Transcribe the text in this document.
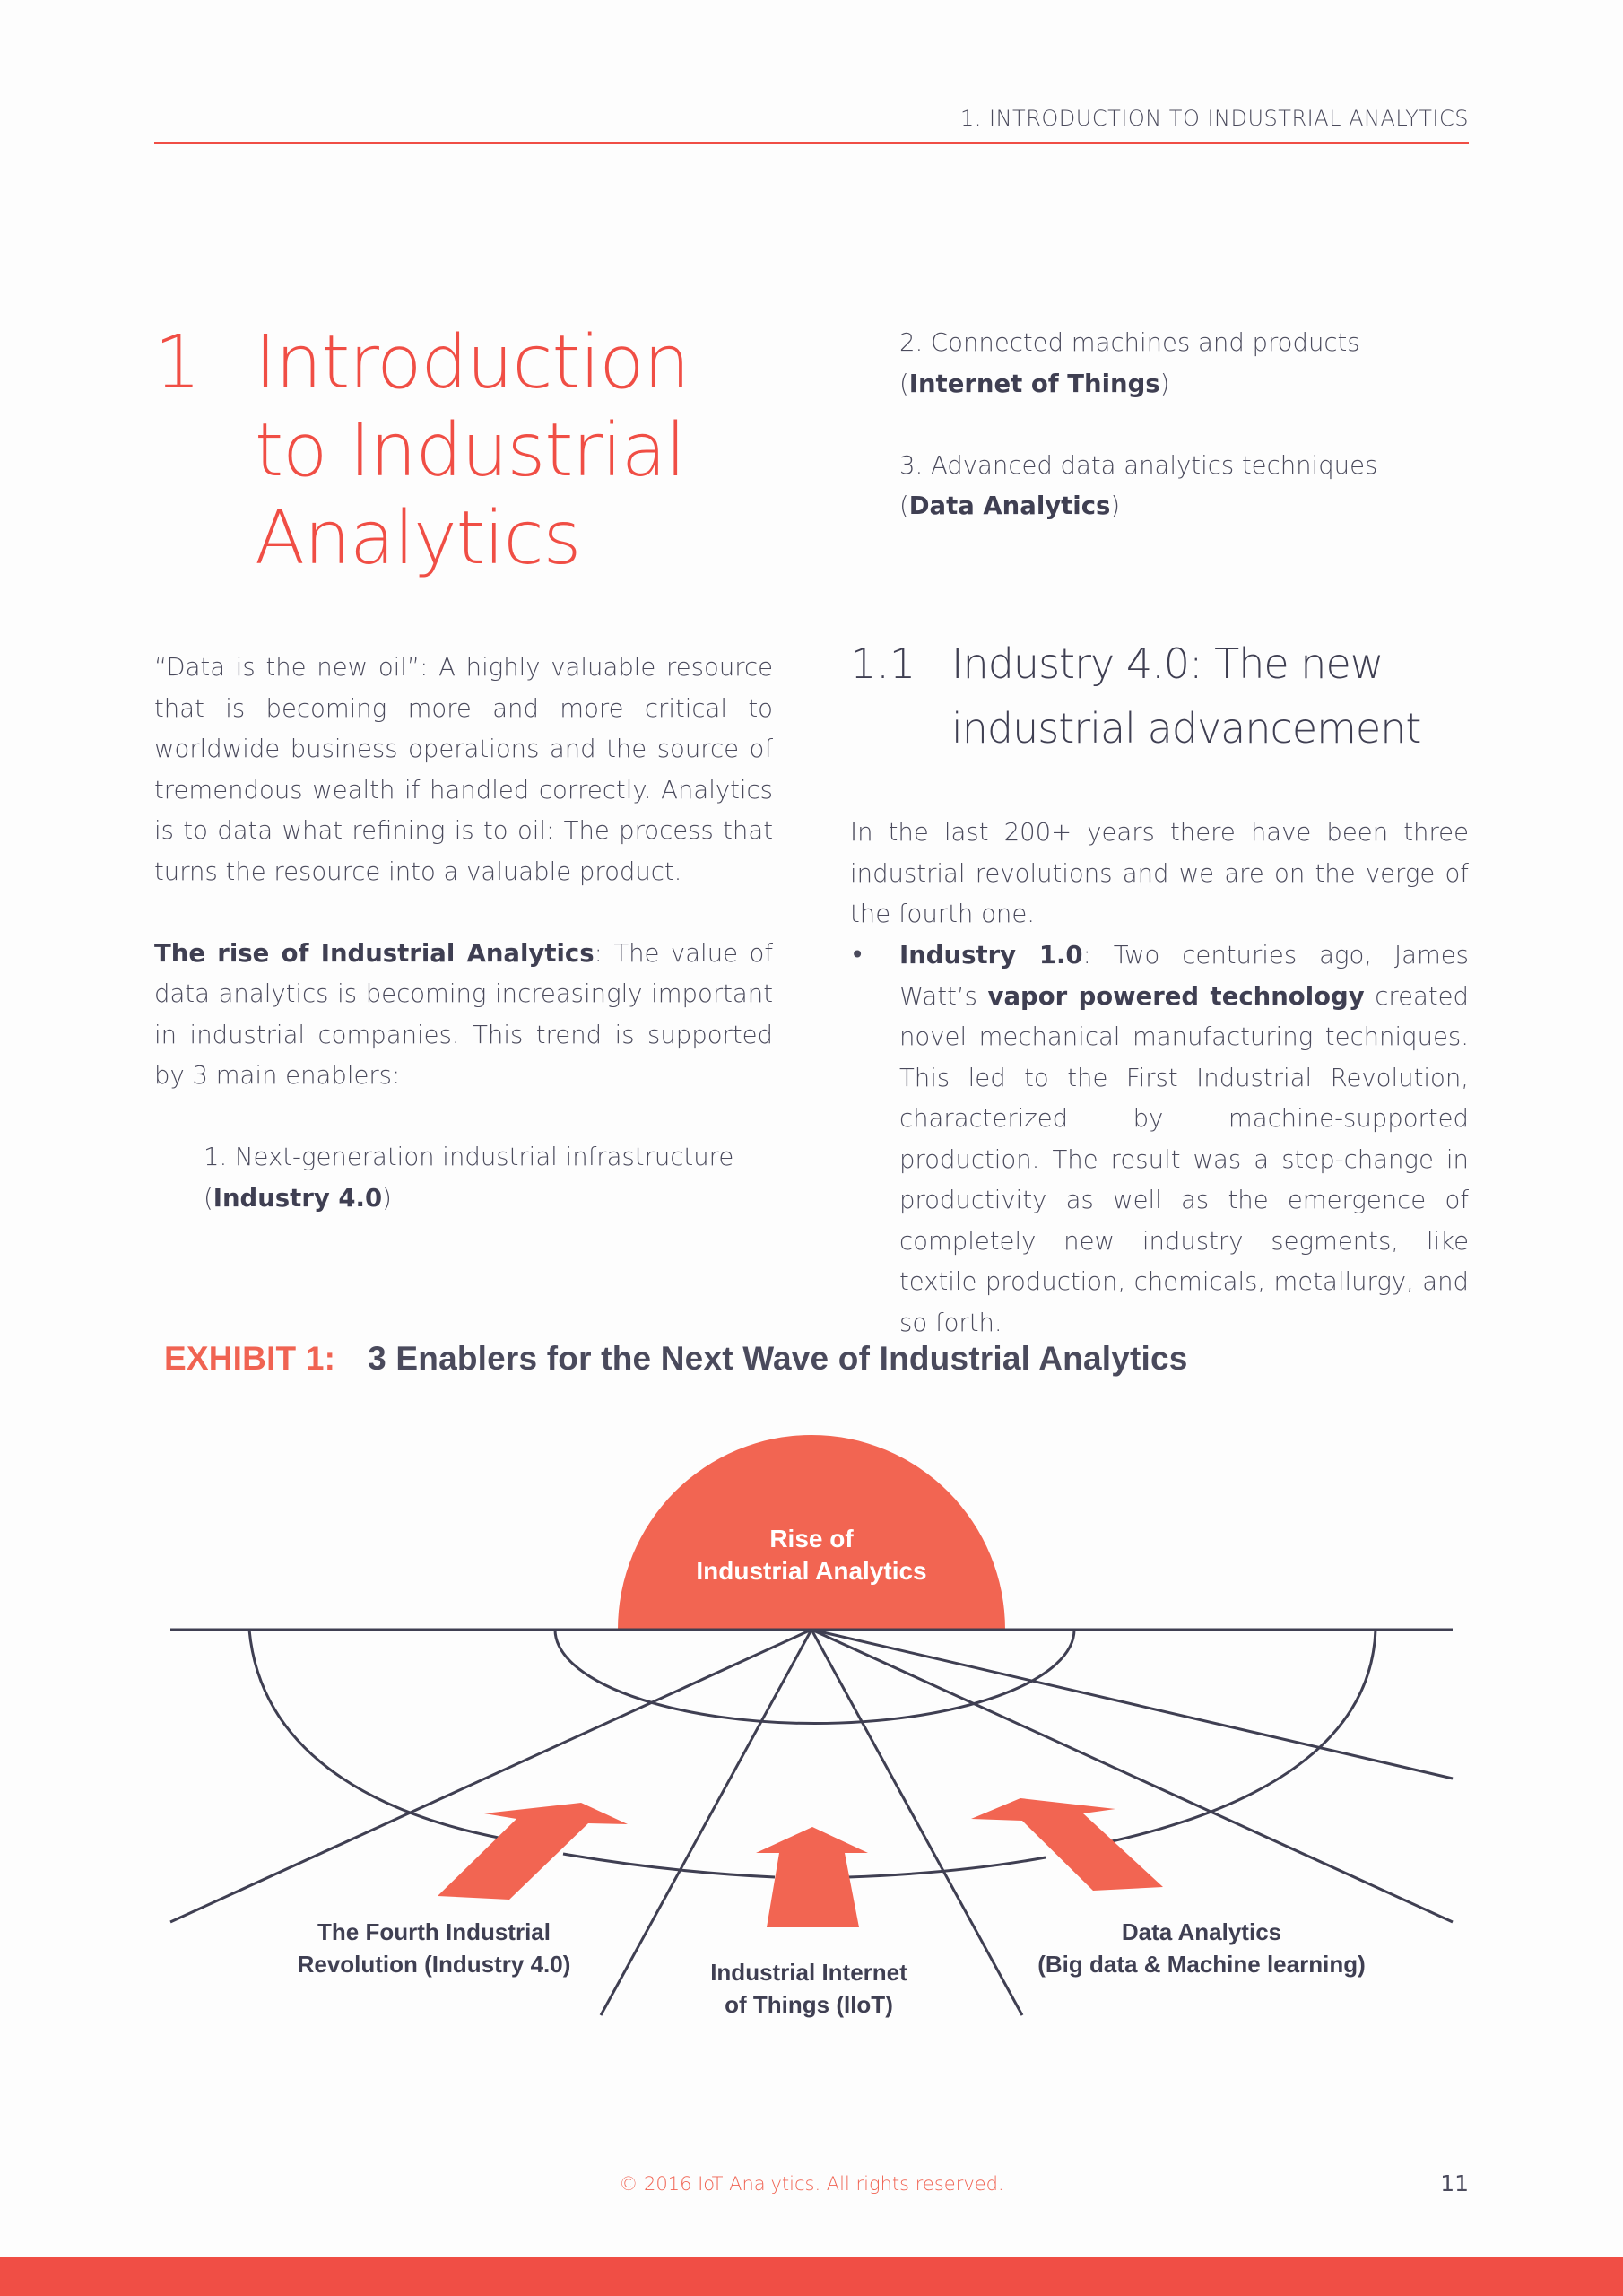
1. INTRODUCTION TO INDUSTRIAL ANALYTICS
1 Introduction
to Industrial
Analytics

“Data is the new oil”: A highly valuable resource that is becoming more and more critical to worldwide business operations and the source of tremendous wealth if handled correctly. Analytics is to data what refining is to oil: The process that turns the resource into a valuable product.

The rise of Industrial Analytics: The value of data analytics is becoming increasingly important in industrial companies. This trend is supported by 3 main enablers:

1. Next-generation industrial infrastructure
(Industry 4.0)
2. Connected machines and products
(Internet of Things)
3. Advanced data analytics techniques
(Data Analytics)
1.1 Industry 4.0: The new
industrial advancement

In the last 200+ years there have been three industrial revolutions and we are on the verge of the fourth one.

• Industry 1.0: Two centuries ago, James Watt’s vapor powered technology created novel mechanical manufacturing techniques. This led to the First Industrial Revolution, characterized by machine-supported production. The result was a step-change in productivity as well as the emergence of completely new industry segments, like textile production, chemicals, metallurgy, and so forth.
EXHIBIT 1: 3 Enablers for the Next Wave of Industrial Analytics
Rise of
Industrial Analytics
The Fourth Industrial
Revolution (Industry 4.0)	Industrial Internet
of Things (IIoT)
Data Analytics
(Big data & Machine learning)
© 2016 IoT Analytics. All rights reserved.	11
